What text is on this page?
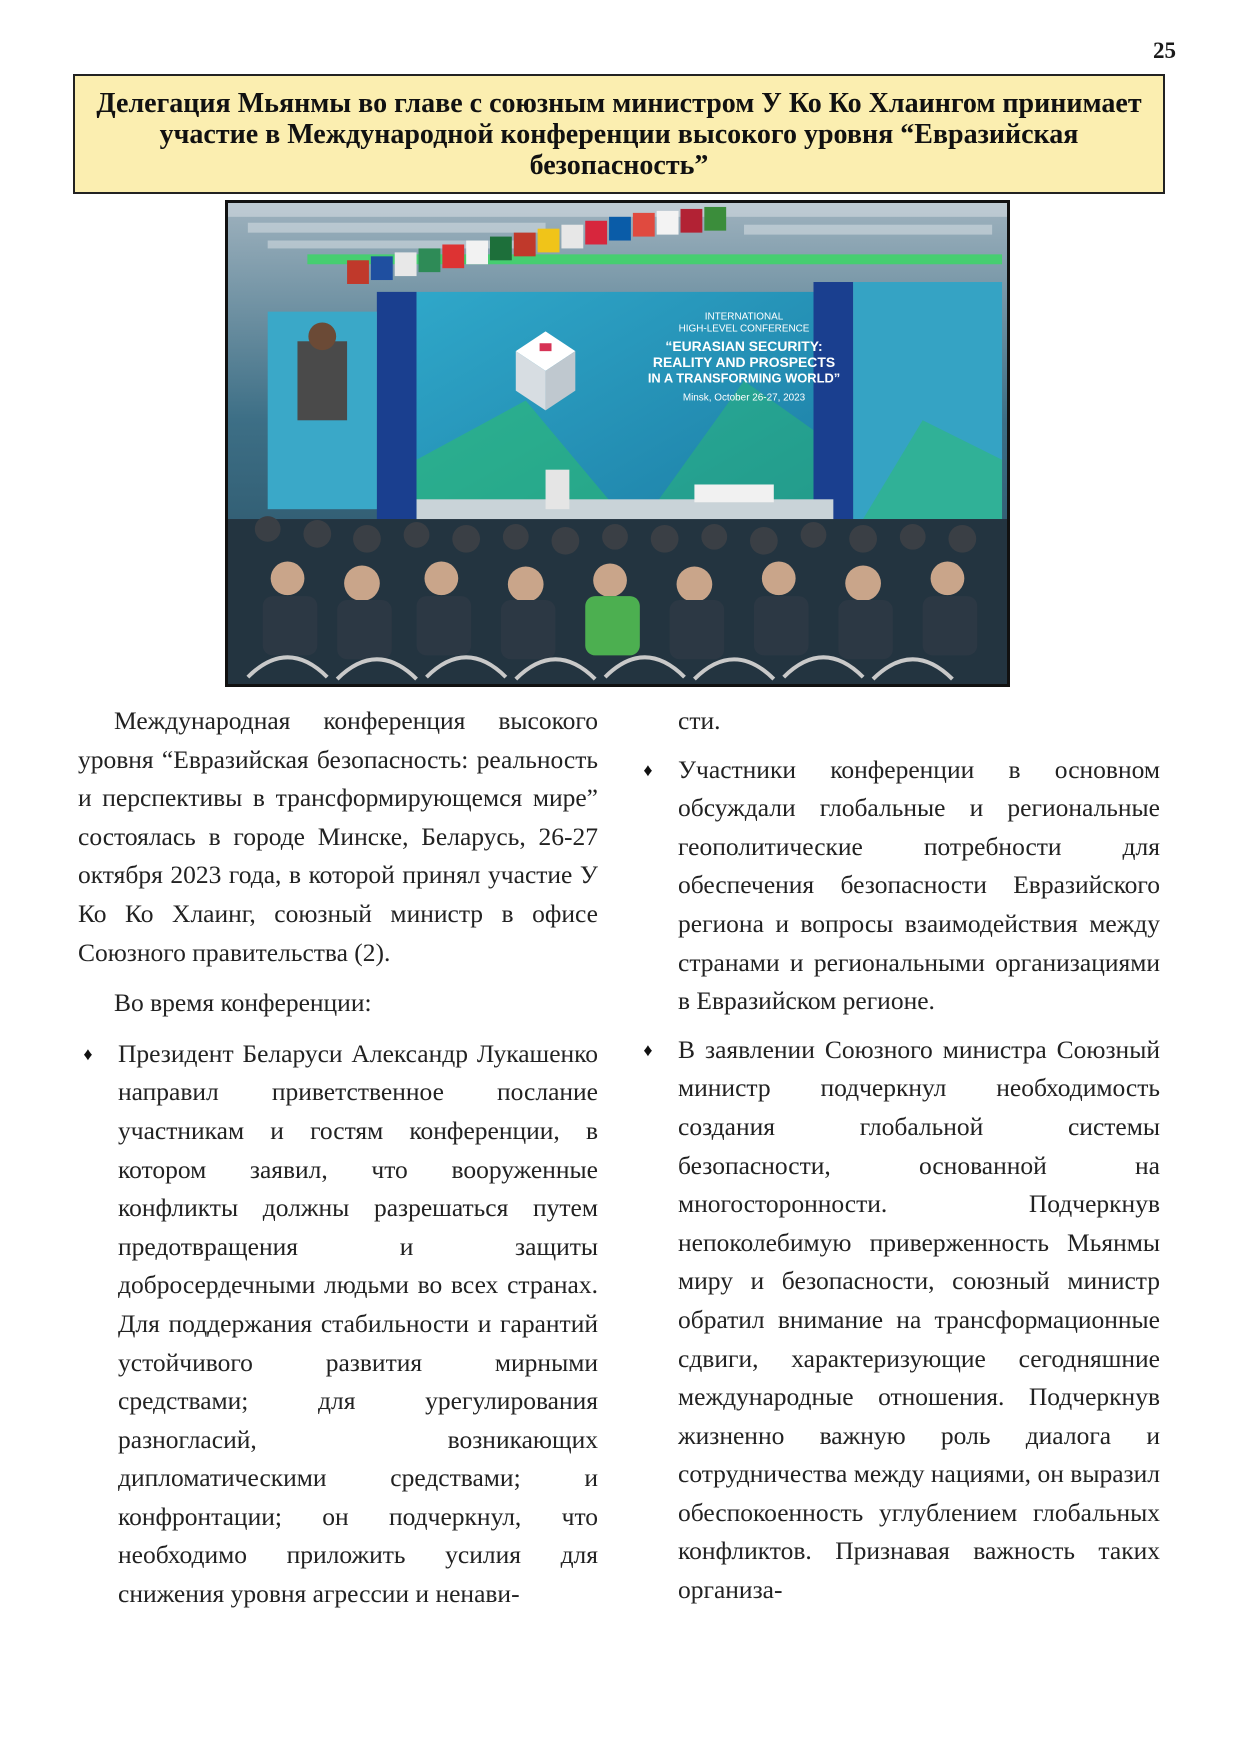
25
Делегация Мьянмы во главе с союзным министром У Ко Ко Хлаингом принимает участие в Международной конференции высокого уровня “Евразийская безопасность”
INTERNATIONAL
HIGH-LEVEL CONFERENCE
“EURASIAN SECURITY:
REALITY AND PROSPECTS
IN A TRANSFORMING WORLD”
Minsk, October 26-27, 2023

Международная конференция высокого уровня “Евразийская безопасность: реальность и перспективы в трансформирующемся мире” состоялась в городе Минске, Беларусь, 26-27 октября 2023 года, в которой принял участие У Ко Ко Хлаинг, союзный министр в офисе Союзного правительства (2).

Во время конференции:

♦ Президент Беларуси Александр Лукашенко направил приветственное послание участникам и гостям конференции, в котором заявил, что вооруженные конфликты должны разрешаться путем предотвращения и защиты добросердечными людьми во всех странах. Для поддержания стабильности и гарантий устойчивого развития мирными средствами; для урегулирования разногласий, возникающих дипломатическими средствами; и конфронтации; он подчеркнул, что необходимо приложить усилия для снижения уровня агрессии и ненави-

сти.

♦ Участники конференции в основном обсуждали глобальные и региональные геополитические потребности для обеспечения безопасности Евразийского региона и вопросы взаимодействия между странами и региональными организациями в Евразийском регионе.

♦ В заявлении Союзного министра Союзный министр подчеркнул необходимость создания глобальной системы безопасности, основанной на многосторонности. Подчеркнув непоколебимую приверженность Мьянмы миру и безопасности, союзный министр обратил внимание на трансформационные сдвиги, характеризующие сегодняшние международные отношения. Подчеркнув жизненно важную роль диалога и сотрудничества между нациями, он выразил обеспокоенность углублением глобальных конфликтов. Признавая важность таких организа-
